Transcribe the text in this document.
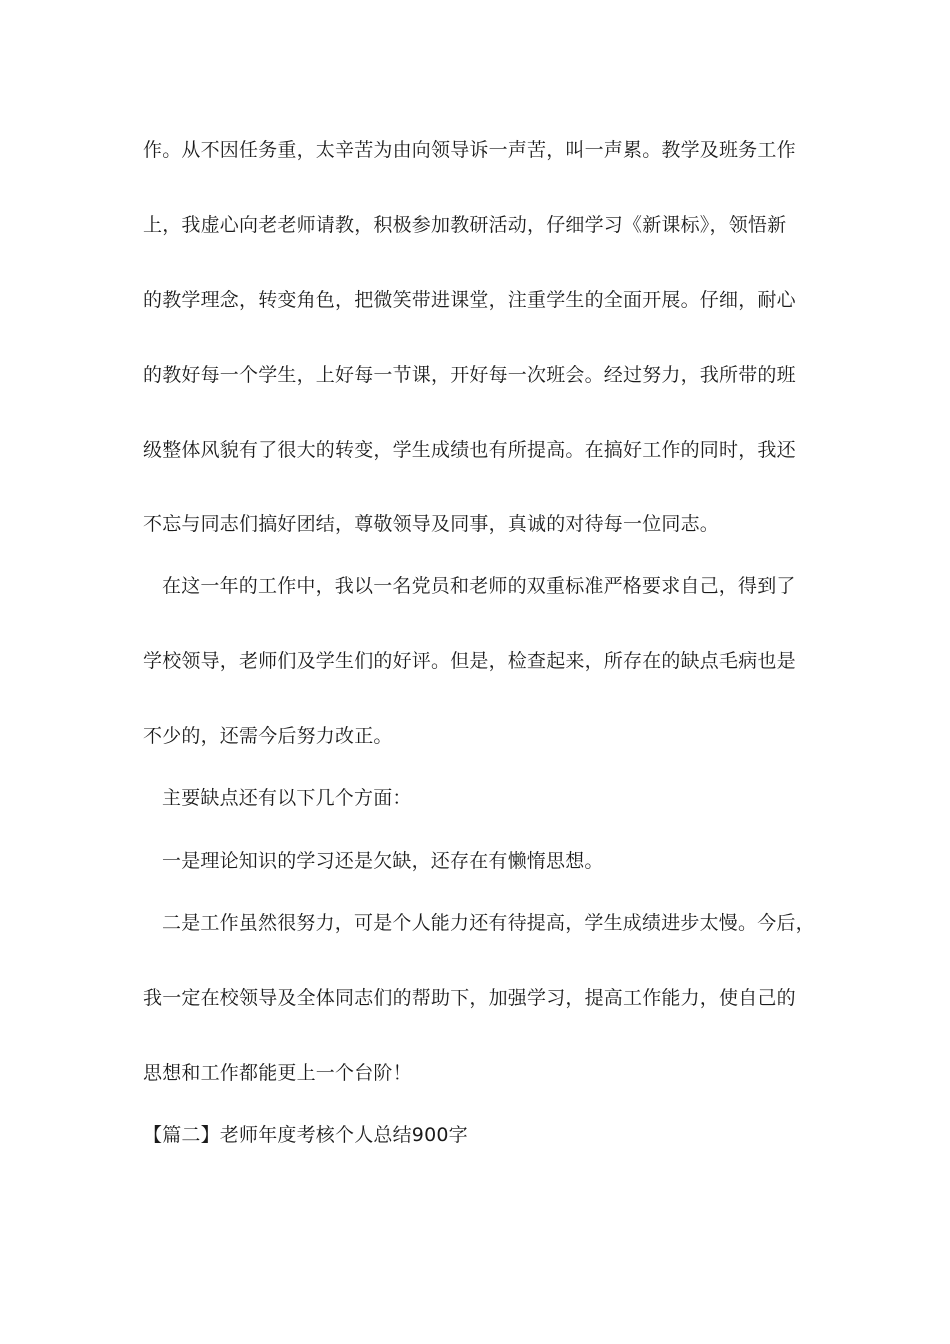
作。从不因任务重，太辛苦为由向领导诉一声苦，叫一声累。教学及班务工作
上，我虚心向老老师请教，积极参加教研活动，仔细学习《新课标》，领悟新
的教学理念，转变角色，把微笑带进课堂，注重学生的全面开展。仔细，耐心
的教好每一个学生，上好每一节课，开好每一次班会。经过努力，我所带的班
级整体风貌有了很大的转变，学生成绩也有所提高。在搞好工作的同时，我还
不忘与同志们搞好团结，尊敬领导及同事，真诚的对待每一位同志。
在这一年的工作中，我以一名党员和老师的双重标准严格要求自己，得到了
学校领导，老师们及学生们的好评。但是，检查起来，所存在的缺点毛病也是
不少的，还需今后努力改正。
主要缺点还有以下几个方面：
一是理论知识的学习还是欠缺，还存在有懒惰思想。
二是工作虽然很努力，可是个人能力还有待提高，学生成绩进步太慢。今后，
我一定在校领导及全体同志们的帮助下，加强学习，提高工作能力，使自己的
思想和工作都能更上一个台阶！
【篇二】老师年度考核个人总结900字
